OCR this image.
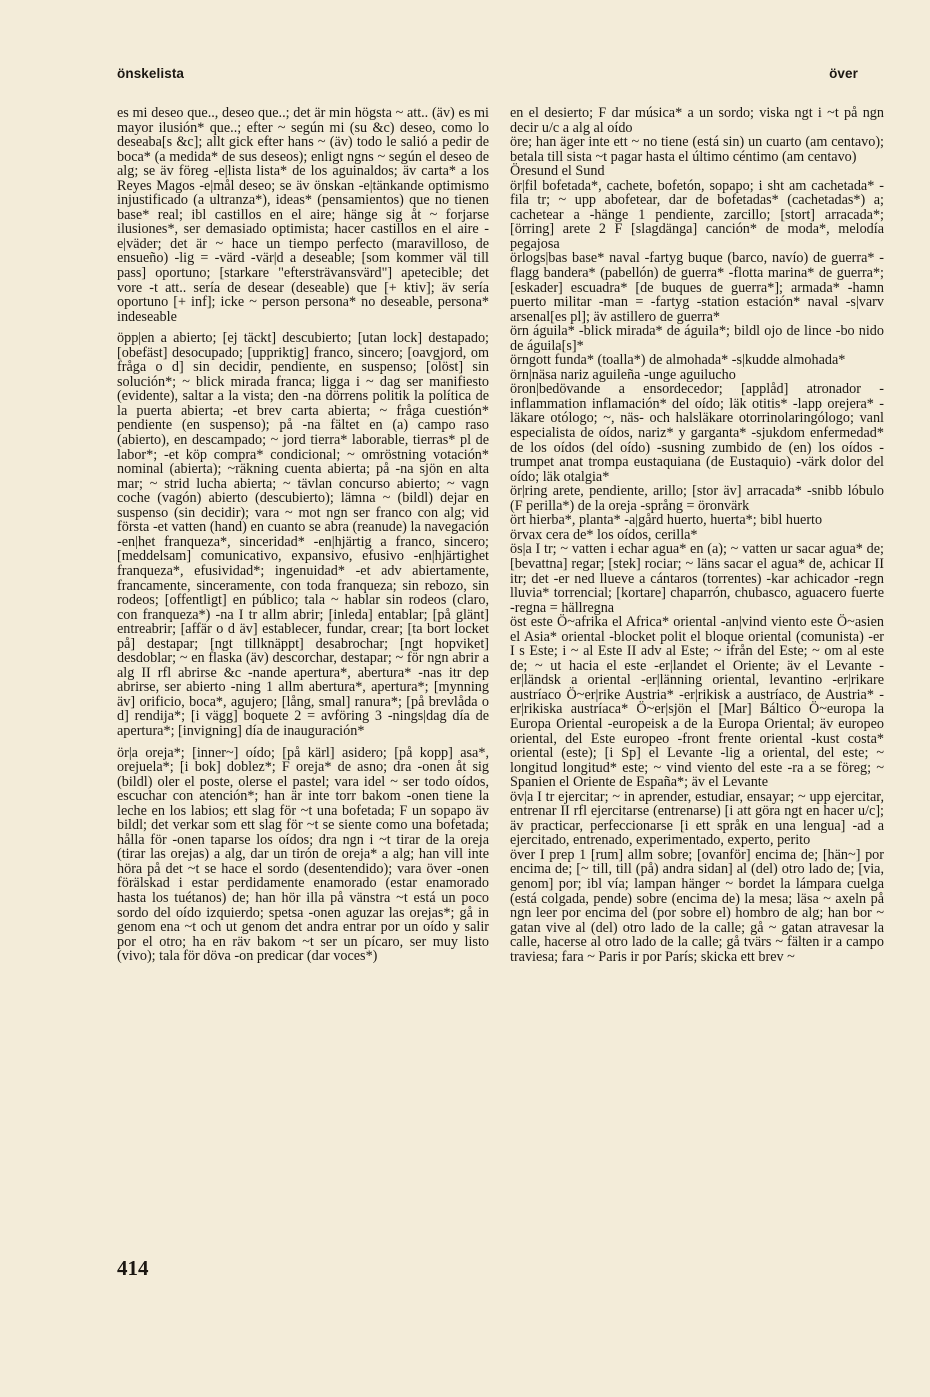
önskelista	över

es mi deseo que.., deseo que..; det är min högsta ~ att.. (äv) es mi mayor ilusión* que..; efter ~ según mi (su &c) deseo, como lo deseaba[s &c]; allt gick efter hans ~ (äv) todo le salió a pedir de boca* (a medida* de sus deseos); enligt ngns ~ según el deseo de alg; se äv föreg -e|lista lista* de los aguinaldos; äv carta* a los Reyes Magos -e|mål deseo; se äv önskan -e|tänkande optimismo injustificado (a ultranza*), ideas* (pensamientos) que no tienen base* real; ibl castillos en el aire; hänge sig åt ~ forjarse ilusiones*, ser demasiado optimista; hacer castillos en el aire -e|väder; det är ~ hace un tiempo perfecto (maravilloso, de ensueño) -lig = -värd -vär|d a deseable; [som kommer väl till pass] oportuno; [starkare "eftersträvansvärd"] apetecible; det vore -t att.. sería de desear (deseable) que [+ ktiv]; äv sería oportuno [+ inf]; icke ~ person persona* no deseable, persona* indeseable

öpp|en a abierto; [ej täckt] descubierto; [utan lock] destapado; [obefäst] desocupado; [uppriktig] franco, sincero; [oavgjord, om fråga o d] sin decidir, pendiente, en suspenso; [olöst] sin solución*; ~ blick mirada franca; ligga i ~ dag ser manifiesto (evidente), saltar a la vista; den -na dörrens politik la política de la puerta abierta; -et brev carta abierta; ~ fråga cuestión* pendiente (en suspenso); på -na fältet en (a) campo raso (abierto), en descampado; ~ jord tierra* laborable, tierras* pl de labor*; -et köp compra* condicional; ~ omröstning votación* nominal (abierta); ~räkning cuenta abierta; på -na sjön en alta mar; ~ strid lucha abierta; ~ tävlan concurso abierto; ~ vagn coche (vagón) abierto (descubierto); lämna ~ (bildl) dejar en suspenso (sin decidir); vara ~ mot ngn ser franco con alg; vid första -et vatten (hand) en cuanto se abra (reanude) la navegación -en|het franqueza*, sinceridad* -en|hjärtig a franco, sincero; [meddelsam] comunicativo, expansivo, efusivo -en|hjärtighet franqueza*, efusividad*; ingenuidad* -et adv abiertamente, francamente, sinceramente, con toda franqueza; sin rebozo, sin rodeos; [offentligt] en público; tala ~ hablar sin rodeos (claro, con franqueza*) -na I tr allm abrir; [inleda] entablar; [på glänt] entreabrir; [affär o d äv] establecer, fundar, crear; [ta bort locket på] destapar; [ngt tillknäppt] desabrochar; [ngt hopviket] desdoblar; ~ en flaska (äv) descorchar, destapar; ~ för ngn abrir a alg II rfl abrirse &c -nande apertura*, abertura* -nas itr dep abrirse, ser abierto -ning 1 allm abertura*, apertura*; [mynning äv] orificio, boca*, agujero; [lång, smal] ranura*; [på brevlåda o d] rendija*; [i vägg] boquete 2 = avföring 3 -nings|dag día de apertura*; [invigning] día de inauguración*

ör|a oreja*; [inner~] oído; [på kärl] asidero; [på kopp] asa*, orejuela*; [i bok] doblez*; F oreja* de asno; dra -onen åt sig (bildl) oler el poste, olerse el pastel; vara idel ~ ser todo oídos, escuchar con atención*; han är inte torr bakom -onen tiene la leche en los labios; ett slag för ~t una bofetada; F un sopapo äv bildl; det verkar som ett slag för ~t se siente como una bofetada; hålla för -onen taparse los oídos; dra ngn i ~t tirar de la oreja (tirar las orejas) a alg, dar un tirón de oreja* a alg; han vill inte höra på det ~t se hace el sordo (desentendido); vara över -onen förälskad i estar perdidamente enamorado (estar enamorado hasta los tuétanos) de; han hör illa på vänstra ~t está un poco sordo del oído izquierdo; spetsa -onen aguzar las orejas*; gå in genom ena ~t och ut genom det andra entrar por un oído y salir por el otro; ha en räv bakom ~t ser un pícaro, ser muy listo (vivo); tala för döva -on predicar (dar voces*)

en el desierto; F dar música* a un sordo; viska ngt i ~t på ngn decir u/c a alg al oído

öre; han äger inte ett ~ no tiene (está sin) un cuarto (am centavo); betala till sista ~t pagar hasta el último céntimo (am centavo)

Öresund el Sund

ör|fil bofetada*, cachete, bofetón, sopapo; i sht am cachetada* -fila tr; ~ upp abofetear, dar de bofetadas* (cachetadas*) a; cachetear a -hänge 1 pendiente, zarcillo; [stort] arracada*; [örring] arete 2 F [slagdänga] canción* de moda*, melodía pegajosa

örlogs|bas base* naval -fartyg buque (barco, navío) de guerra* -flagg bandera* (pabellón) de guerra* -flotta marina* de guerra*; [eskader] escuadra* [de buques de guerra*]; armada* -hamn puerto militar -man = -fartyg -station estación* naval -s|varv arsenal[es pl]; äv astillero de guerra*

örn águila* -blick mirada* de águila*; bildl ojo de lince -bo nido de águila[s]*

örngott funda* (toalla*) de almohada* -s|kudde almohada*

örn|näsa nariz aguileña -unge aguilucho

öron|bedövande a ensordecedor; [applåd] atronador -inflammation inflamación* del oído; läk otitis* -lapp orejera* -läkare otólogo; ~, näs- och halsläkare otorrinolaringólogo; vanl especialista de oídos, nariz* y garganta* -sjukdom enfermedad* de los oídos (del oído) -susning zumbido de (en) los oídos -trumpet anat trompa eustaquiana (de Eustaquio) -värk dolor del oído; läk otalgia*

ör|ring arete, pendiente, arillo; [stor äv] arracada* -snibb lóbulo (F perilla*) de la oreja -språng = öronvärk

ört hierba*, planta* -a|gård huerto, huerta*; bibl huerto

örvax cera de* los oídos, cerilla*

ös|a I tr; ~ vatten i echar agua* en (a); ~ vatten ur sacar agua* de; [bevattna] regar; [stek] rociar; ~ läns sacar el agua* de, achicar II itr; det -er ned llueve a cántaros (torrentes) -kar achicador -regn lluvia* torrencial; [kortare] chaparrón, chubasco, aguacero fuerte -regna = hällregna

öst este Ö~afrika el Africa* oriental -an|vind viento este Ö~asien el Asia* oriental -blocket polit el bloque oriental (comunista) -er I s Este; i ~ al Este II adv al Este; ~ ifrån del Este; ~ om al este de; ~ ut hacia el este -er|landet el Oriente; äv el Levante -er|ländsk a oriental -er|länning oriental, levantino -er|rikare austríaco Ö~er|rike Austria* -er|rikisk a austríaco, de Austria* -er|rikiska austríaca* Ö~er|sjön el [Mar] Báltico Ö~europa la Europa Oriental -europeisk a de la Europa Oriental; äv europeo oriental, del Este europeo -front frente oriental -kust costa* oriental (este); [i Sp] el Levante -lig a oriental, del este; ~ longitud longitud* este; ~ vind viento del este -ra a se föreg; ~ Spanien el Oriente de España*; äv el Levante

öv|a I tr ejercitar; ~ in aprender, estudiar, ensayar; ~ upp ejercitar, entrenar II rfl ejercitarse (entrenarse) [i att göra ngt en hacer u/c]; äv practicar, perfeccionarse [i ett språk en una lengua] -ad a ejercitado, entrenado, experimentado, experto, perito

över I prep 1 [rum] allm sobre; [ovanför] encima de; [hän~] por encima de; [~ till, till (på) andra sidan] al (del) otro lado de; [via, genom] por; ibl vía; lampan hänger ~ bordet la lámpara cuelga (está colgada, pende) sobre (encima de) la mesa; läsa ~ axeln på ngn leer por encima del (por sobre el) hombro de alg; han bor ~ gatan vive al (del) otro lado de la calle; gå ~ gatan atravesar la calle, hacerse al otro lado de la calle; gå tvärs ~ fälten ir a campo traviesa; fara ~ Paris ir por París; skicka ett brev ~

414
